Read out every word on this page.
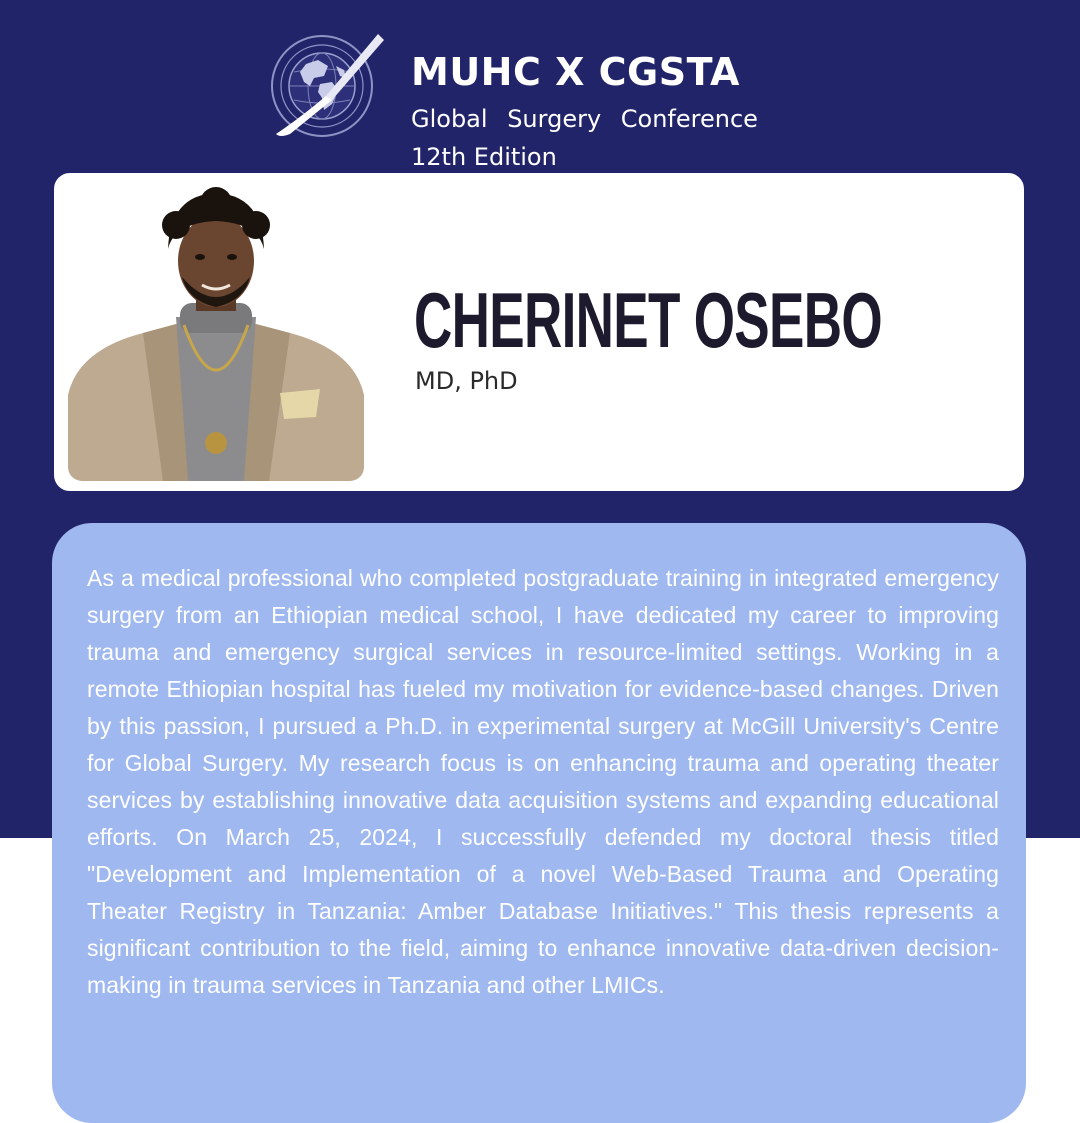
MUHC X CGSTA

Global Surgery Conference

12th Edition

CHERINET OSEBO

MD, PhD

As a medical professional who completed postgraduate training in integrated emergency surgery from an Ethiopian medical school, I have dedicated my career to improving trauma and emergency surgical services in resource-limited settings. Working in a remote Ethiopian hospital has fueled my motivation for evidence-based changes. Driven by this passion, I pursued a Ph.D. in experimental surgery at McGill University's Centre for Global Surgery. My research focus is on enhancing trauma and operating theater services by establishing innovative data acquisition systems and expanding educational efforts. On March 25, 2024, I successfully defended my doctoral thesis titled "Development and Implementation of a novel Web-Based Trauma and Operating Theater Registry in Tanzania: Amber Database Initiatives." This thesis represents a significant contribution to the field, aiming to enhance innovative data-driven decision-making in trauma services in Tanzania and other LMICs.
